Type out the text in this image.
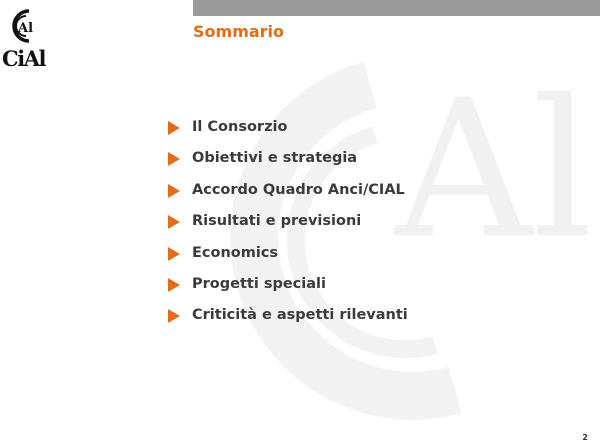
Al
CiAl
Al
Sommario
Il Consorzio
Obiettivi e strategia
Accordo Quadro Anci/CIAL
Risultati e previsioni
Economics
Progetti speciali
Criticità e aspetti rilevanti
2
